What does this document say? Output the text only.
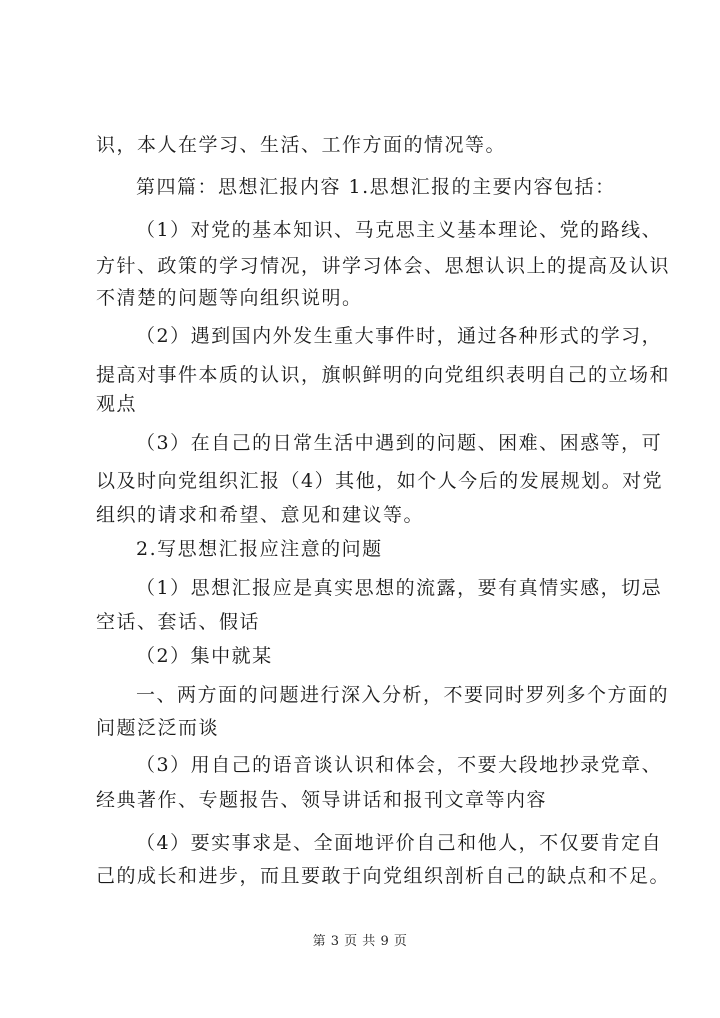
识，本人在学习、生活、工作方面的情况等。
第四篇：思想汇报内容 1.思想汇报的主要内容包括：
（1）对党的基本知识、马克思主义基本理论、党的路线、
方针、政策的学习情况，讲学习体会、思想认识上的提高及认识
不清楚的问题等向组织说明。
（2）遇到国内外发生重大事件时，通过各种形式的学习，
提高对事件本质的认识，旗帜鲜明的向党组织表明自己的立场和
观点
（3）在自己的日常生活中遇到的问题、困难、困惑等，可
以及时向党组织汇报（4）其他，如个人今后的发展规划。对党
组织的请求和希望、意见和建议等。
2.写思想汇报应注意的问题
（1）思想汇报应是真实思想的流露，要有真情实感，切忌
空话、套话、假话
（2）集中就某
一、两方面的问题进行深入分析，不要同时罗列多个方面的
问题泛泛而谈
（3）用自己的语音谈认识和体会，不要大段地抄录党章、
经典著作、专题报告、领导讲话和报刊文章等内容
（4）要实事求是、全面地评价自己和他人，不仅要肯定自
己的成长和进步，而且要敢于向党组织剖析自己的缺点和不足。
第 3 页 共 9 页
